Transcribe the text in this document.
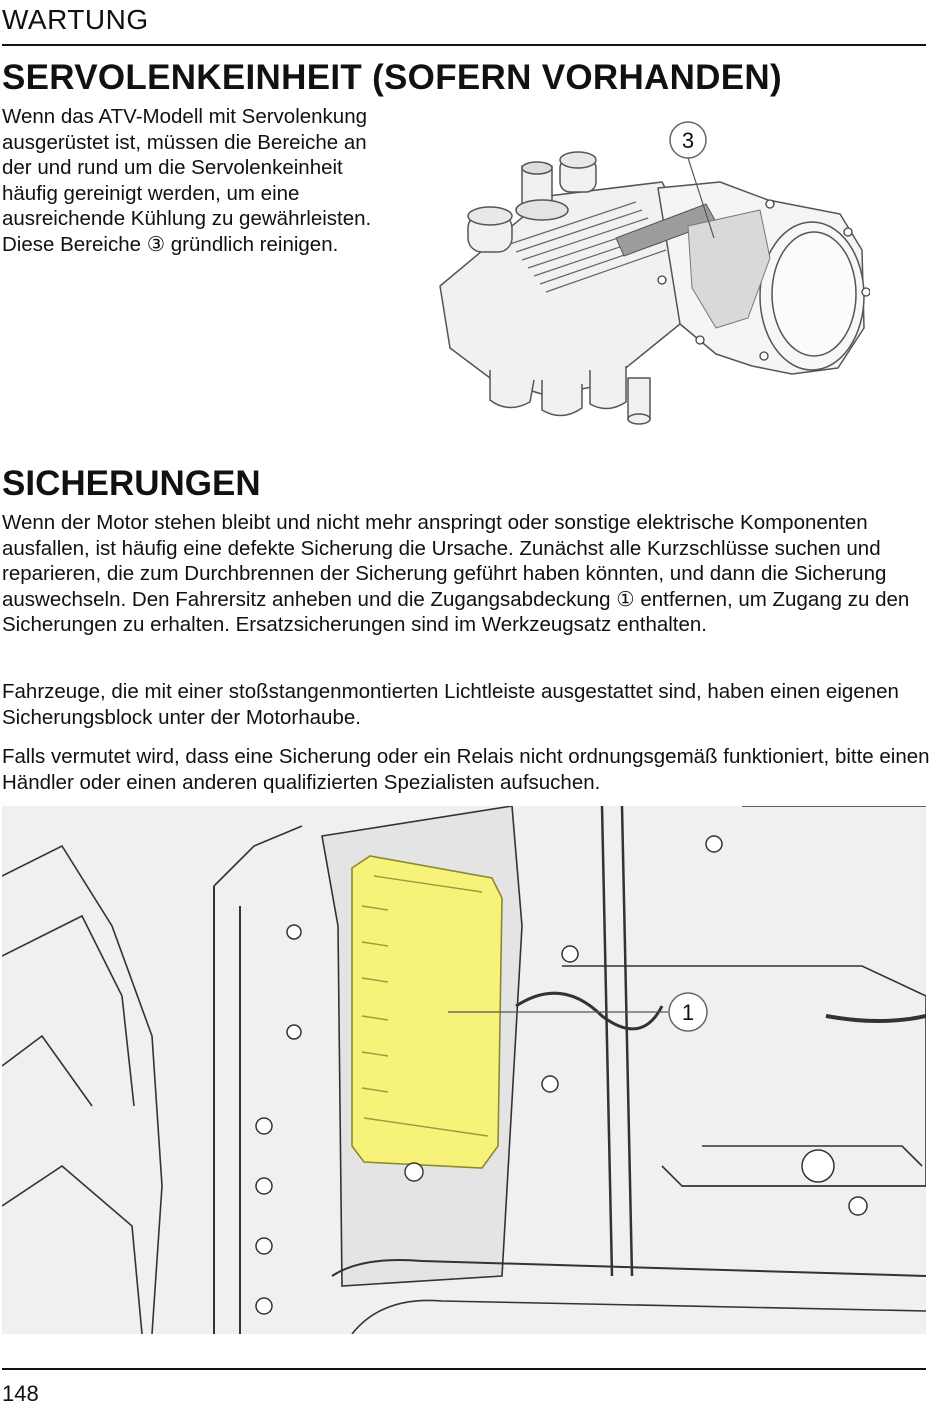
WARTUNG
SERVOLENKEINHEIT (SOFERN VORHANDEN)
Wenn das ATV-Modell mit Servolenkung ausgerüstet ist, müssen die Bereiche an der und rund um die Servolenkeinheit häufig gereinigt werden, um eine ausreichende Kühlung zu gewährleisten. Diese Bereiche ③ gründlich reinigen.
3
SICHERUNGEN

Wenn der Motor stehen bleibt und nicht mehr anspringt oder sonstige elektrische Komponenten ausfallen, ist häufig eine defekte Sicherung die Ursache. Zunächst alle Kurzschlüsse suchen und reparieren, die zum Durchbrennen der Sicherung geführt haben könnten, und dann die Sicherung auswechseln. Den Fahrersitz anheben und die Zugangsabdeckung ① entfernen, um Zugang zu den Sicherungen zu erhalten. Ersatzsicherungen sind im Werkzeugsatz enthalten.

Fahrzeuge, die mit einer stoßstangenmontierten Lichtleiste ausgestattet sind, haben einen eigenen Sicherungsblock unter der Motorhaube.

Falls vermutet wird, dass eine Sicherung oder ein Relais nicht ordnungsgemäß funktioniert, bitte einen Händler oder einen anderen qualifizierten Spezialisten aufsuchen.

1
148
